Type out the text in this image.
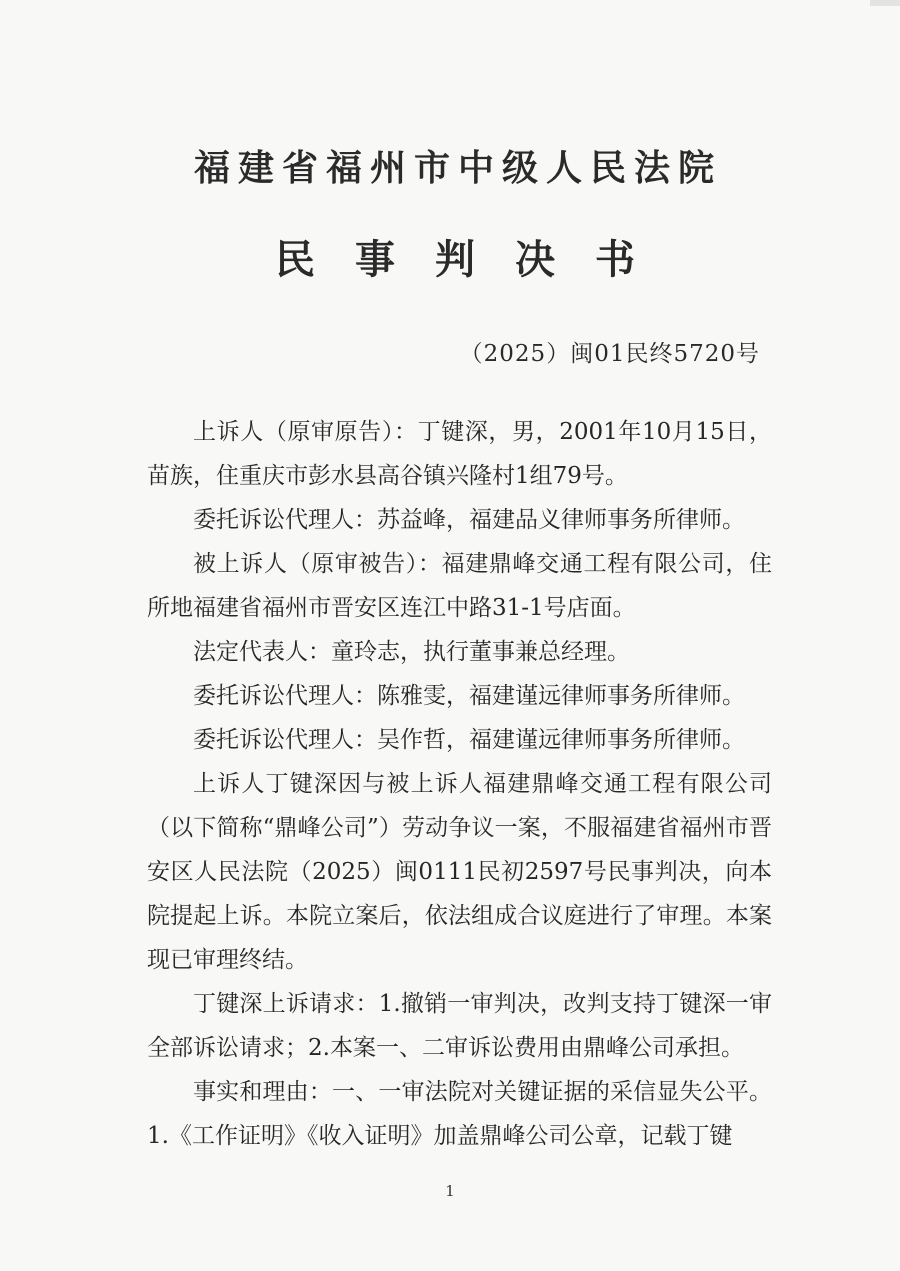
福建省福州市中级人民法院
民事判决书
（2025）闽01民终5720号

上诉人（原审原告）：丁键深，男，2001年10月15日，苗族，住重庆市彭水县高谷镇兴隆村1组79号。

委托诉讼代理人：苏益峰，福建品义律师事务所律师。

被上诉人（原审被告）：福建鼎峰交通工程有限公司，住所地福建省福州市晋安区连江中路31-1号店面。

法定代表人：童玲志，执行董事兼总经理。

委托诉讼代理人：陈雅雯，福建谨远律师事务所律师。

委托诉讼代理人：吴作哲，福建谨远律师事务所律师。

上诉人丁键深因与被上诉人福建鼎峰交通工程有限公司（以下简称“鼎峰公司”）劳动争议一案，不服福建省福州市晋安区人民法院（2025）闽0111民初2597号民事判决，向本院提起上诉。本院立案后，依法组成合议庭进行了审理。本案现已审理终结。

丁键深上诉请求：1.撤销一审判决，改判支持丁键深一审全部诉讼请求；2.本案一、二审诉讼费用由鼎峰公司承担。

事实和理由：一、一审法院对关键证据的采信显失公平。1.《工作证明》《收入证明》加盖鼎峰公司公章，记载丁键

1
